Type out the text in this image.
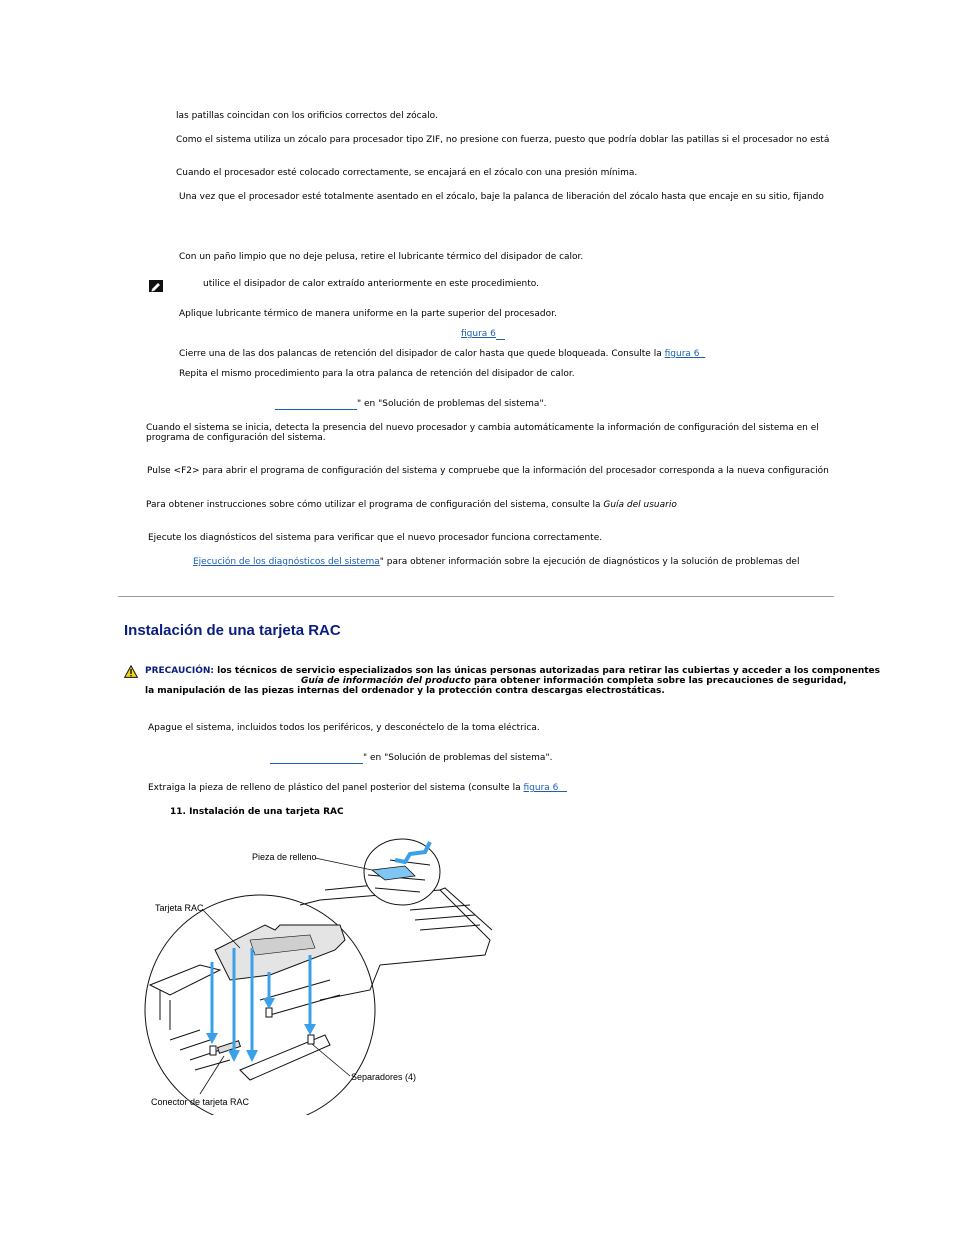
las patillas coincidan con los orificios correctos del zócalo.
Como el sistema utiliza un zócalo para procesador tipo ZIF, no presione con fuerza, puesto que podría doblar las patillas si el procesador no está
Cuando el procesador esté colocado correctamente, se encajará en el zócalo con una presión mínima.
Una vez que el procesador esté totalmente asentado en el zócalo, baje la palanca de liberación del zócalo hasta que encaje en su sitio, fijando
Con un paño limpio que no deje pelusa, retire el lubricante térmico del disipador de calor.
utilice el disipador de calor extraído anteriormente en este procedimiento.
Aplique lubricante térmico de manera uniforme en la parte superior del procesador.
figura 6
Cierre una de las dos palancas de retención del disipador de calor hasta que quede bloqueada. Consulte la figura 6
Repita el mismo procedimiento para la otra palanca de retención del disipador de calor.
" en "Solución de problemas del sistema".
Cuando el sistema se inicia, detecta la presencia del nuevo procesador y cambia automáticamente la información de configuración del sistema en el
programa de configuración del sistema.
Pulse <F2> para abrir el programa de configuración del sistema y compruebe que la información del procesador corresponda a la nueva configuración
Para obtener instrucciones sobre cómo utilizar el programa de configuración del sistema, consulte la Guía del usuario
Ejecute los diagnósticos del sistema para verificar que el nuevo procesador funciona correctamente.
Ejecución de los diagnósticos del sistema" para obtener información sobre la ejecución de diagnósticos y la solución de problemas del
Instalación de una tarjeta RAC
PRECAUCIÓN: los técnicos de servicio especializados son las únicas personas autorizadas para retirar las cubiertas y acceder a los componentes
Guía de información del producto para obtener información completa sobre las precauciones de seguridad,
la manipulación de las piezas internas del ordenador y la protección contra descargas electrostáticas.
Apague el sistema, incluidos todos los periféricos, y desconéctelo de la toma eléctrica.
" en "Solución de problemas del sistema".
Extraiga la pieza de relleno de plástico del panel posterior del sistema (consulte la figura 6
11. Instalación de una tarjeta RAC
Pieza de relleno
Tarjeta RAC
Separadores (4)
Conector de tarjeta RAC
